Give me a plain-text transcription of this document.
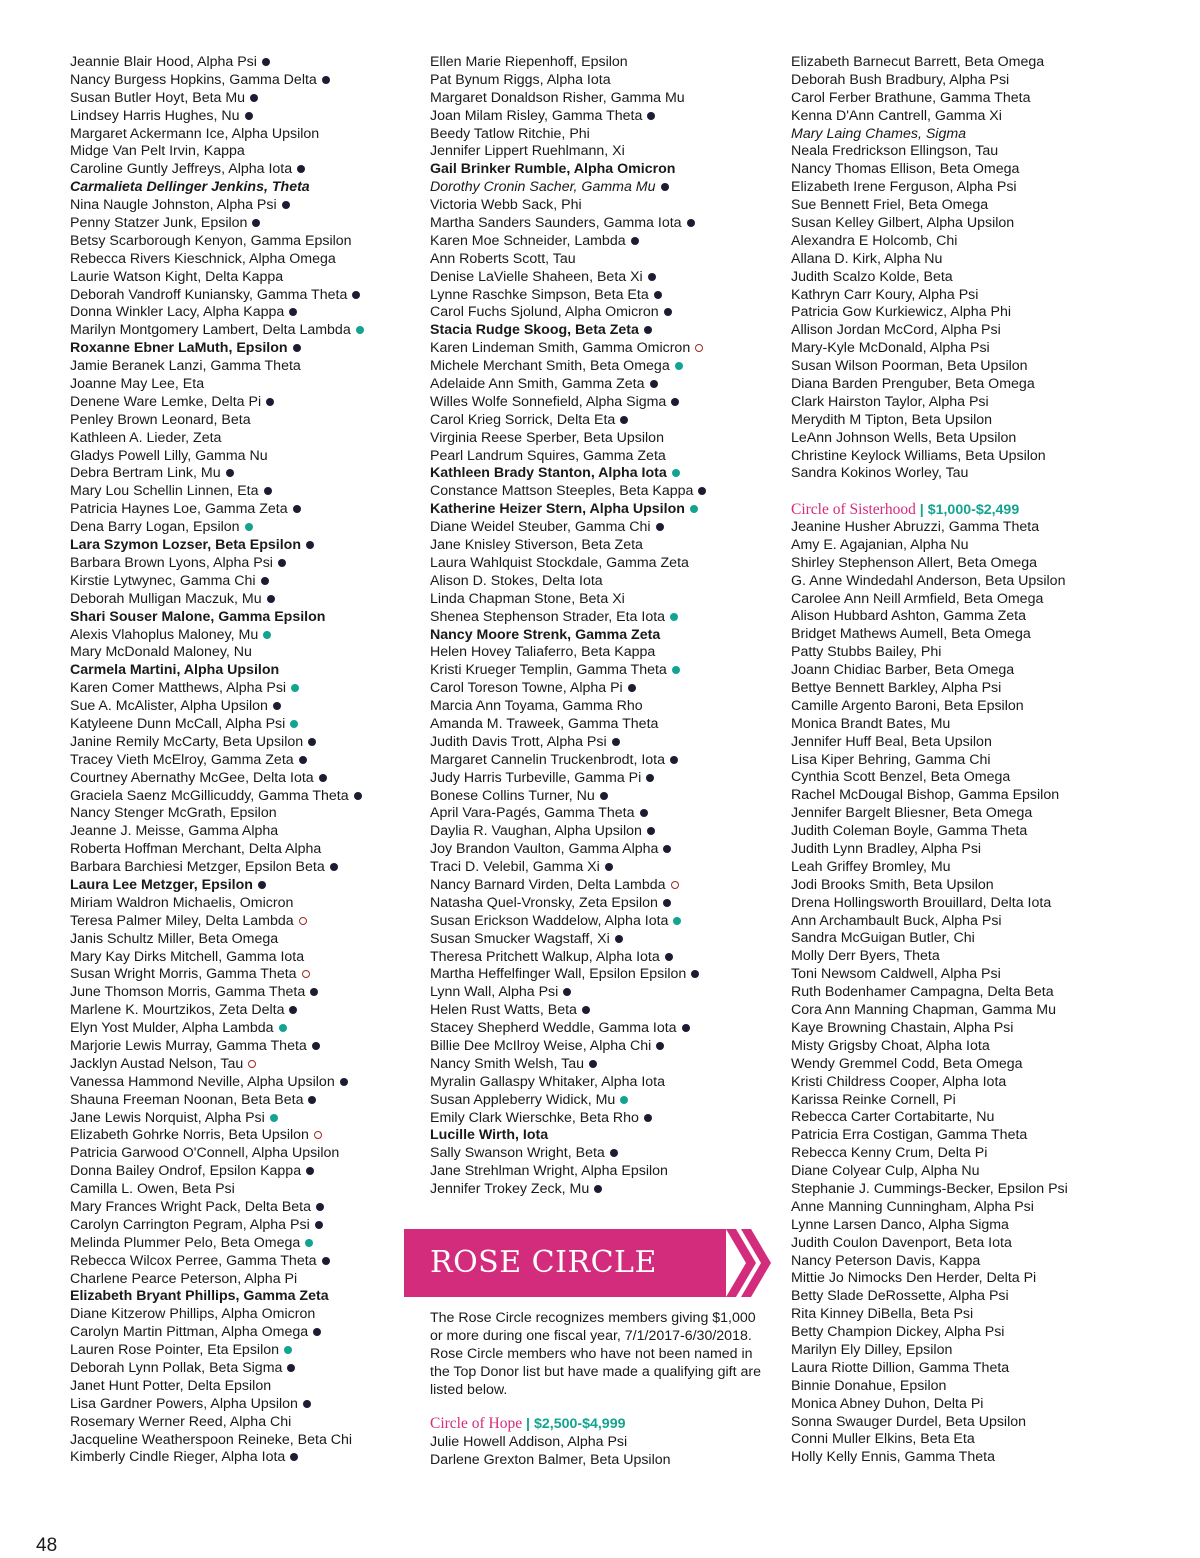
Jeannie Blair Hood, Alpha Psi
Nancy Burgess Hopkins, Gamma Delta
Susan Butler Hoyt, Beta Mu
Lindsey Harris Hughes, Nu
Margaret Ackermann Ice, Alpha Upsilon
Midge Van Pelt Irvin, Kappa
Caroline Guntly Jeffreys, Alpha Iota
Carmalieta Dellinger Jenkins, Theta
Nina Naugle Johnston, Alpha Psi
Penny Statzer Junk, Epsilon
Betsy Scarborough Kenyon, Gamma Epsilon
Rebecca Rivers Kieschnick, Alpha Omega
Laurie Watson Kight, Delta Kappa
Deborah Vandroff Kuniansky, Gamma Theta
Donna Winkler Lacy, Alpha Kappa
Marilyn Montgomery Lambert, Delta Lambda
Roxanne Ebner LaMuth, Epsilon
Jamie Beranek Lanzi, Gamma Theta
Joanne May Lee, Eta
Denene Ware Lemke, Delta Pi
Penley Brown Leonard, Beta
Kathleen A. Lieder, Zeta
Gladys Powell Lilly, Gamma Nu
Debra Bertram Link, Mu
Mary Lou Schellin Linnen, Eta
Patricia Haynes Loe, Gamma Zeta
Dena Barry Logan, Epsilon
Lara Szymon Lozser, Beta Epsilon
Barbara Brown Lyons, Alpha Psi
Kirstie Lytwynec, Gamma Chi
Deborah Mulligan Maczuk, Mu
Shari Souser Malone, Gamma Epsilon
Alexis Vlahoplus Maloney, Mu
Mary McDonald Maloney, Nu
Carmela Martini, Alpha Upsilon
Karen Comer Matthews, Alpha Psi
Sue A. McAlister, Alpha Upsilon
Katyleene Dunn McCall, Alpha Psi
Janine Remily McCarty, Beta Upsilon
Tracey Vieth McElroy, Gamma Zeta
Courtney Abernathy McGee, Delta Iota
Graciela Saenz McGillicuddy, Gamma Theta
Nancy Stenger McGrath, Epsilon
Jeanne J. Meisse, Gamma Alpha
Roberta Hoffman Merchant, Delta Alpha
Barbara Barchiesi Metzger, Epsilon Beta
Laura Lee Metzger, Epsilon
Miriam Waldron Michaelis, Omicron
Teresa Palmer Miley, Delta Lambda
Janis Schultz Miller, Beta Omega
Mary Kay Dirks Mitchell, Gamma Iota
Susan Wright Morris, Gamma Theta
June Thomson Morris, Gamma Theta
Marlene K. Mourtzikos, Zeta Delta
Elyn Yost Mulder, Alpha Lambda
Marjorie Lewis Murray, Gamma Theta
Jacklyn Austad Nelson, Tau
Vanessa Hammond Neville, Alpha Upsilon
Shauna Freeman Noonan, Beta Beta
Jane Lewis Norquist, Alpha Psi
Elizabeth Gohrke Norris, Beta Upsilon
Patricia Garwood O'Connell, Alpha Upsilon
Donna Bailey Ondrof, Epsilon Kappa
Camilla L. Owen, Beta Psi
Mary Frances Wright Pack, Delta Beta
Carolyn Carrington Pegram, Alpha Psi
Melinda Plummer Pelo, Beta Omega
Rebecca Wilcox Perree, Gamma Theta
Charlene Pearce Peterson, Alpha Pi
Elizabeth Bryant Phillips, Gamma Zeta
Diane Kitzerow Phillips, Alpha Omicron
Carolyn Martin Pittman, Alpha Omega
Lauren Rose Pointer, Eta Epsilon
Deborah Lynn Pollak, Beta Sigma
Janet Hunt Potter, Delta Epsilon
Lisa Gardner Powers, Alpha Upsilon
Rosemary Werner Reed, Alpha Chi
Jacqueline Weatherspoon Reineke, Beta Chi
Kimberly Cindle Rieger, Alpha Iota
Ellen Marie Riepenhoff, Epsilon
Pat Bynum Riggs, Alpha Iota
Margaret Donaldson Risher, Gamma Mu
Joan Milam Risley, Gamma Theta
Beedy Tatlow Ritchie, Phi
Jennifer Lippert Ruehlmann, Xi
Gail Brinker Rumble, Alpha Omicron
Dorothy Cronin Sacher, Gamma Mu
Victoria Webb Sack, Phi
Martha Sanders Saunders, Gamma Iota
Karen Moe Schneider, Lambda
Ann Roberts Scott, Tau
Denise LaVielle Shaheen, Beta Xi
Lynne Raschke Simpson, Beta Eta
Carol Fuchs Sjolund, Alpha Omicron
Stacia Rudge Skoog, Beta Zeta
Karen Lindeman Smith, Gamma Omicron
Michele Merchant Smith, Beta Omega
Adelaide Ann Smith, Gamma Zeta
Willes Wolfe Sonnefield, Alpha Sigma
Carol Krieg Sorrick, Delta Eta
Virginia Reese Sperber, Beta Upsilon
Pearl Landrum Squires, Gamma Zeta
Kathleen Brady Stanton, Alpha Iota
Constance Mattson Steeples, Beta Kappa
Katherine Heizer Stern, Alpha Upsilon
Diane Weidel Steuber, Gamma Chi
Jane Knisley Stiverson, Beta Zeta
Laura Wahlquist Stockdale, Gamma Zeta
Alison D. Stokes, Delta Iota
Linda Chapman Stone, Beta Xi
Shenea Stephenson Strader, Eta Iota
Nancy Moore Strenk, Gamma Zeta
Helen Hovey Taliaferro, Beta Kappa
Kristi Krueger Templin, Gamma Theta
Carol Toreson Towne, Alpha Pi
Marcia Ann Toyama, Gamma Rho
Amanda M. Traweek, Gamma Theta
Judith Davis Trott, Alpha Psi
Margaret Cannelin Truckenbrodt, Iota
Judy Harris Turbeville, Gamma Pi
Bonese Collins Turner, Nu
April Vara-Pagés, Gamma Theta
Daylia R. Vaughan, Alpha Upsilon
Joy Brandon Vaulton, Gamma Alpha
Traci D. Velebil, Gamma Xi
Nancy Barnard Virden, Delta Lambda
Natasha Quel-Vronsky, Zeta Epsilon
Susan Erickson Waddelow, Alpha Iota
Susan Smucker Wagstaff, Xi
Theresa Pritchett Walkup, Alpha Iota
Martha Heffelfinger Wall, Epsilon Epsilon
Lynn Wall, Alpha Psi
Helen Rust Watts, Beta
Stacey Shepherd Weddle, Gamma Iota
Billie Dee McIlroy Weise, Alpha Chi
Nancy Smith Welsh, Tau
Myralin Gallaspy Whitaker, Alpha Iota
Susan Appleberry Widick, Mu
Emily Clark Wierschke, Beta Rho
Lucille Wirth, Iota
Sally Swanson Wright, Beta
Jane Strehlman Wright, Alpha Epsilon
Jennifer Trokey Zeck, Mu
Elizabeth Barnecut Barrett, Beta Omega
Deborah Bush Bradbury, Alpha Psi
Carol Ferber Brathune, Gamma Theta
Kenna D'Ann Cantrell, Gamma Xi
Mary Laing Chames, Sigma
Neala Fredrickson Ellingson, Tau
Nancy Thomas Ellison, Beta Omega
Elizabeth Irene Ferguson, Alpha Psi
Sue Bennett Friel, Beta Omega
Susan Kelley Gilbert, Alpha Upsilon
Alexandra E Holcomb, Chi
Allana D. Kirk, Alpha Nu
Judith Scalzo Kolde, Beta
Kathryn Carr Koury, Alpha Psi
Patricia Gow Kurkiewicz, Alpha Phi
Allison Jordan McCord, Alpha Psi
Mary-Kyle McDonald, Alpha Psi
Susan Wilson Poorman, Beta Upsilon
Diana Barden Prenguber, Beta Omega
Clark Hairston Taylor, Alpha Psi
Merydith M Tipton, Beta Upsilon
LeAnn Johnson Wells, Beta Upsilon
Christine Keylock Williams, Beta Upsilon
Sandra Kokinos Worley, Tau
Circle of Sisterhood | $1,000-$2,499
Jeanine Husher Abruzzi, Gamma Theta
Amy E. Agajanian, Alpha Nu
Shirley Stephenson Allert, Beta Omega
G. Anne Windedahl Anderson, Beta Upsilon
Carolee Ann Neill Armfield, Beta Omega
Alison Hubbard Ashton, Gamma Zeta
Bridget Mathews Aumell, Beta Omega
Patty Stubbs Bailey, Phi
Joann Chidiac Barber, Beta Omega
Bettye Bennett Barkley, Alpha Psi
Camille Argento Baroni, Beta Epsilon
Monica Brandt Bates, Mu
Jennifer Huff Beal, Beta Upsilon
Lisa Kiper Behring, Gamma Chi
Cynthia Scott Benzel, Beta Omega
Rachel McDougal Bishop, Gamma Epsilon
Jennifer Bargelt Bliesner, Beta Omega
Judith Coleman Boyle, Gamma Theta
Judith Lynn Bradley, Alpha Psi
Leah Griffey Bromley, Mu
Jodi Brooks Smith, Beta Upsilon
Drena Hollingsworth Brouillard, Delta Iota
Ann Archambault Buck, Alpha Psi
Sandra McGuigan Butler, Chi
Molly Derr Byers, Theta
Toni Newsom Caldwell, Alpha Psi
Ruth Bodenhamer Campagna, Delta Beta
Cora Ann Manning Chapman, Gamma Mu
Kaye Browning Chastain, Alpha Psi
Misty Grigsby Choat, Alpha Iota
Wendy Gremmel Codd, Beta Omega
Kristi Childress Cooper, Alpha Iota
Karissa Reinke Cornell, Pi
Rebecca Carter Cortabitarte, Nu
Patricia Erra Costigan, Gamma Theta
Rebecca Kenny Crum, Delta Pi
Diane Colyear Culp, Alpha Nu
Stephanie J. Cummings-Becker, Epsilon Psi
Anne Manning Cunningham, Alpha Psi
Lynne Larsen Danco, Alpha Sigma
Judith Coulon Davenport, Beta Iota
Nancy Peterson Davis, Kappa
Mittie Jo Nimocks Den Herder, Delta Pi
Betty Slade DeRossette, Alpha Psi
Rita Kinney DiBella, Beta Psi
Betty Champion Dickey, Alpha Psi
Marilyn Ely Dilley, Epsilon
Laura Riotte Dillion, Gamma Theta
Binnie Donahue, Epsilon
Monica Abney Duhon, Delta Pi
Sonna Swauger Durdel, Beta Upsilon
Conni Muller Elkins, Beta Eta
Holly Kelly Ennis, Gamma Theta
ROSE CIRCLE

The Rose Circle recognizes members giving $1,000 or more during one fiscal year, 7/1/2017-6/30/2018. Rose Circle members who have not been named in the Top Donor list but have made a qualifying gift are listed below.

Circle of Hope | $2,500-$4,999
Julie Howell Addison, Alpha Psi
Darlene Grexton Balmer, Beta Upsilon
48
